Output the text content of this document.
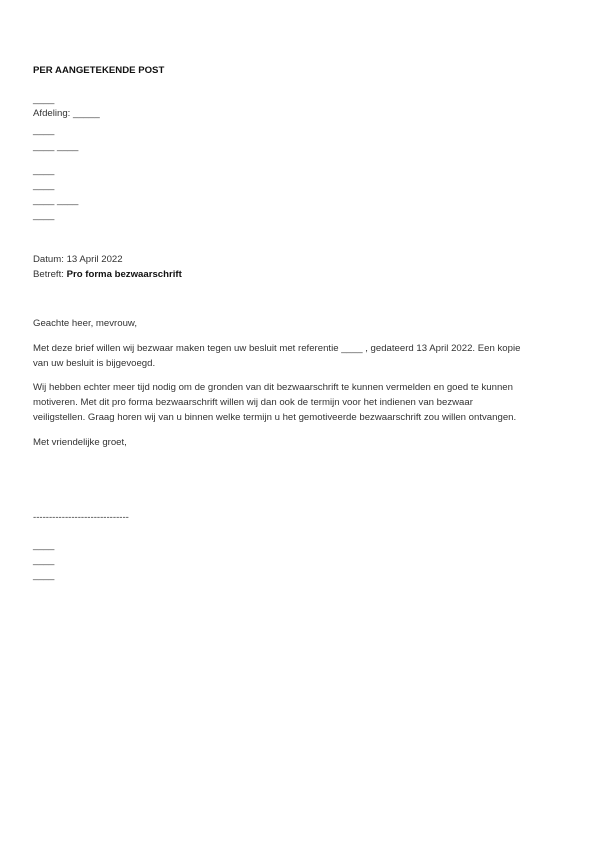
PER AANGETEKENDE POST
____
Afdeling: _____
____
____ ____
____
____
____ ____
____
Datum: 13 April 2022
Betreft: Pro forma bezwaarschrift
Geachte heer, mevrouw,
Met deze brief willen wij bezwaar maken tegen uw besluit met referentie ____ , gedateerd 13 April 2022. Een kopie
van uw besluit is bijgevoegd.
Wij hebben echter meer tijd nodig om de gronden van dit bezwaarschrift te kunnen vermelden en goed te kunnen
motiveren. Met dit pro forma bezwaarschrift willen wij dan ook de termijn voor het indienen van bezwaar
veiligstellen. Graag horen wij van u binnen welke termijn u het gemotiveerde bezwaarschrift zou willen ontvangen.
Met vriendelijke groet,
------------------------------
____
____
____
